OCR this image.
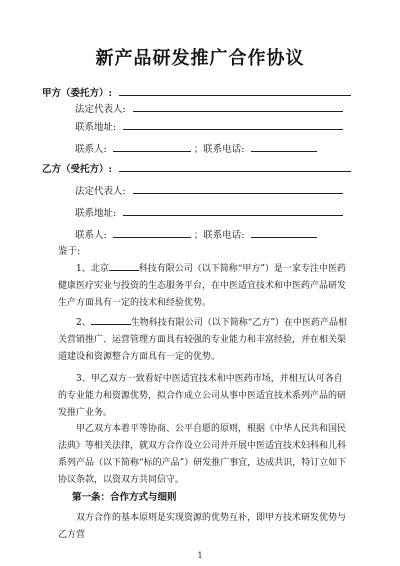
新产品研发推广合作协议
甲方（委托方）:
法定代表人:
联系地址:
联系人:	；联系电话:
乙方（受托方）:
法定代表人:
联系地址:
联系人:	；联系电话:
鉴于:
1、北京	科技有限公司（以下简称“甲方”）是一家专注中医药健康医疗实业与投资的生态服务平台，在中医适宜技术和中医药产品研发生产方面具有一定的技术和经验优势。
2、	生物科技有限公司（以下简称“乙方”）在中医药产品相关营销推广、运营管理方面具有较强的专业能力和丰富经验，并在相关渠道建设和资源整合方面具有一定的优势。
3、甲乙双方一致看好中医适宜技术和中医药市场，并相互认可各自的专业能力和资源优势，拟合作成立公司从事中医适宜技术系列产品的研发推广业务。
甲乙双方本着平等协商、公平自愿的原则，根据《中华人民共和国民法典》等相关法律，就双方合作设立公司并开展中医适宜技术妇科和儿科系列产品（以下简称“标的产品”）研发推广事宜，达成共识，特订立如下协议条款，以资双方共同信守。
第一条：合作方式与细则
双方合作的基本原则是实现资源的优势互补，即甲方技术研发优势与乙方营
1
